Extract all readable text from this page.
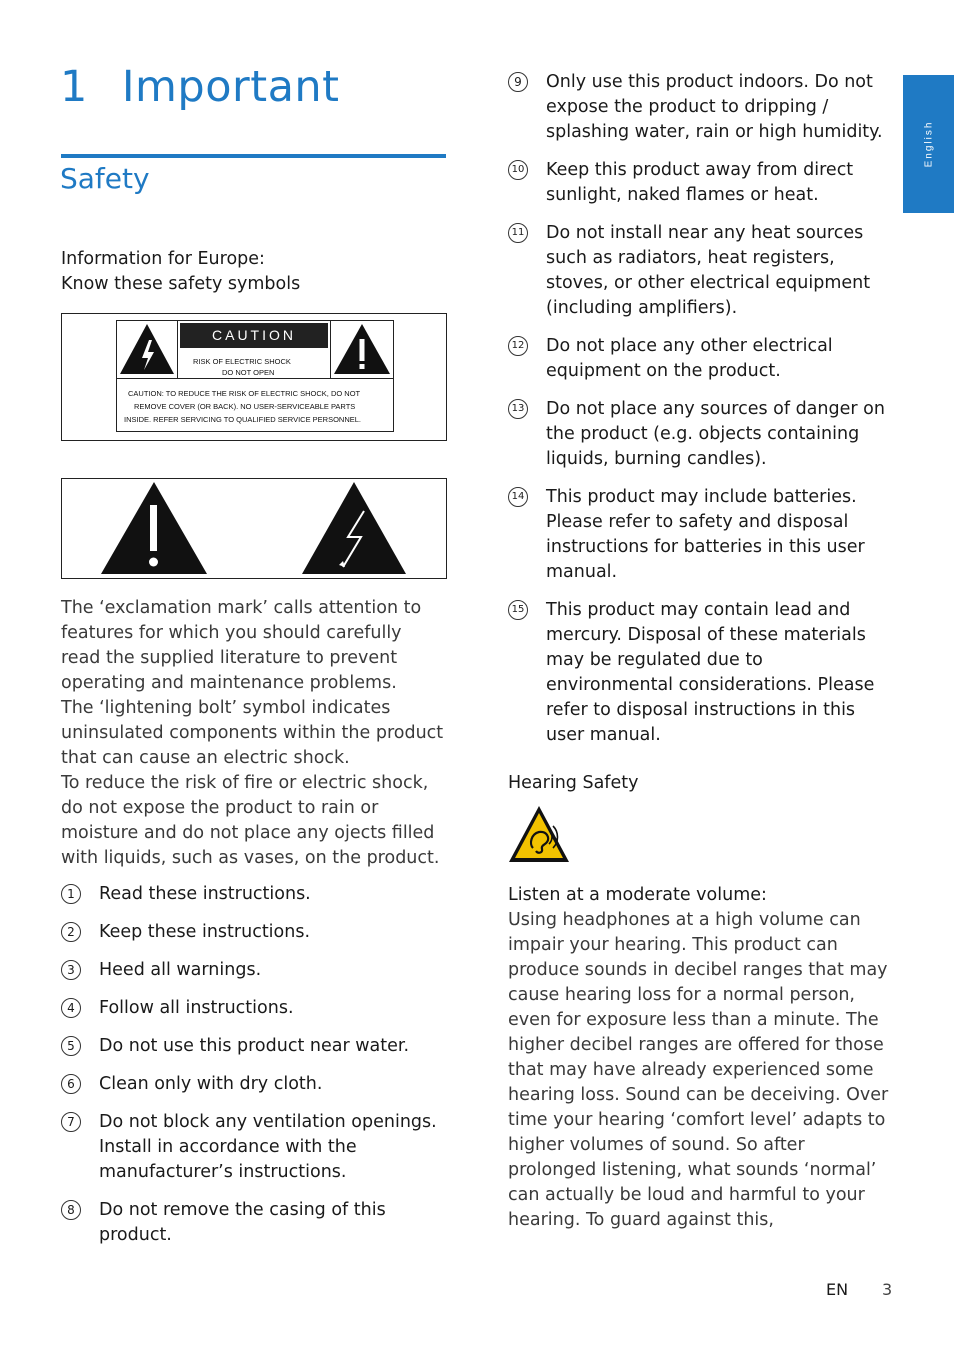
1 Important
Safety

Information for Europe:
Know these safety symbols

CAUTION
RISK OF ELECTRIC SHOCK
DO NOT OPEN
CAUTION: TO REDUCE THE RISK OF ELECTRIC SHOCK, DO NOT
REMOVE COVER (OR BACK). NO USER-SERVICEABLE PARTS
INSIDE. REFER SERVICING TO QUALIFIED SERVICE PERSONNEL.
The ‘exclamation mark’ calls attention to features for which you should carefully read the supplied literature to prevent operating and maintenance problems.
The ‘lightening bolt’ symbol indicates uninsulated components within the product that can cause an electric shock.
To reduce the risk of fire or electric shock, do not expose the product to rain or moisture and do not place any ojects filled with liquids, such as vases, on the product.
1	Read these instructions.
2	Keep these instructions.
3	Heed all warnings.
4	Follow all instructions.
5	Do not use this product near water.
6	Clean only with dry cloth.
7	Do not block any ventilation openings. Install in accordance with the manufacturer’s instructions.
8	Do not remove the casing of this product.
9	Only use this product indoors. Do not expose the product to dripping / splashing water, rain or high humidity.
10 Keep this product away from direct sunlight, naked flames or heat.
11 Do not install near any heat sources such as radiators, heat registers, stoves, or other electrical equipment (including amplifiers).
12 Do not place any other electrical equipment on the product.
13 Do not place any sources of danger on the product (e.g. objects containing liquids, burning candles).
14 This product may include batteries. Please refer to safety and disposal instructions for batteries in this user manual.
15 This product may contain lead and mercury. Disposal of these materials may be regulated due to environmental considerations. Please refer to disposal instructions in this user manual.
Hearing Safety
Listen at a moderate volume:
Using headphones at a high volume can impair your hearing. This product can produce sounds in decibel ranges that may cause hearing loss for a normal person, even for exposure less than a minute. The higher decibel ranges are offered for those that may have already experienced some hearing loss. Sound can be deceiving. Over time your hearing ‘comfort level’ adapts to higher volumes of sound. So after prolonged listening, what sounds ‘normal’ can actually be loud and harmful to your hearing. To guard against this,
English
EN 3
